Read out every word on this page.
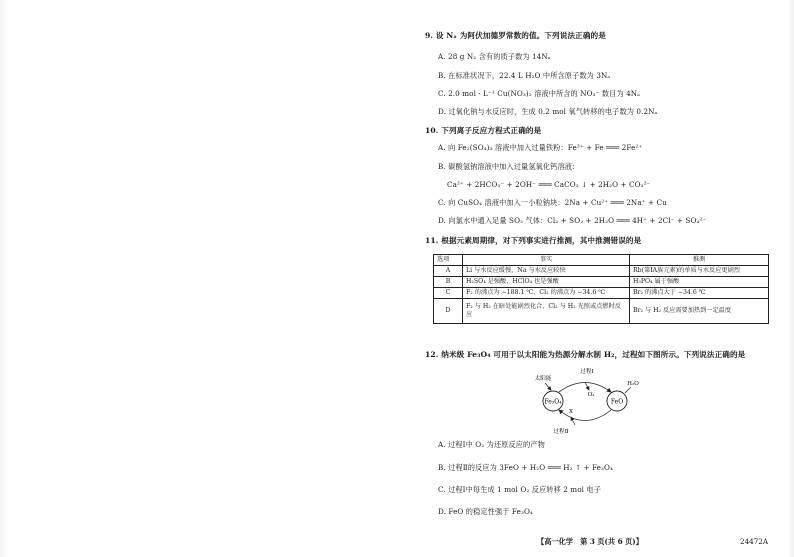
9. 设 Nₐ 为阿伏加德罗常数的值。下列说法正确的是
A. 28 g N₂ 含有的质子数为 14Nₐ
B. 在标准状况下，22.4 L H₂O 中所含原子数为 3Nₐ
C. 2.0 mol · L⁻¹ Cu(NO₃)₂ 溶液中所含的 NO₃⁻ 数目为 4Nₐ
D. 过氧化钠与水反应时，生成 0.2 mol 氧气转移的电子数为 0.2Nₐ
10. 下列离子反应方程式正确的是
A. 向 Fe₂(SO₄)₃ 溶液中加入过量铁粉：Fe³⁺ + Fe ═══ 2Fe²⁺
B. 碳酸氢钠溶液中加入过量氢氧化钙溶液：
Ca²⁺ + 2HCO₃⁻ + 2OH⁻ ═══ CaCO₃ ↓ + 2H₂O + CO₃²⁻
C. 向 CuSO₄ 溶液中加入一小粒钠块：2Na + Cu²⁺ ═══ 2Na⁺ + Cu
D. 向氯水中通入足量 SO₂ 气体：Cl₂ + SO₂ + 2H₂O ═══ 4H⁺ + 2Cl⁻ + SO₄²⁻
11. 根据元素周期律，对下列事实进行推测，其中推测错误的是
选项	事实	推测
A	Li 与水反应缓慢，Na 与水反应较快	Rb(第ⅠA族元素)的单质与水反应更剧烈
B	H₂SO₄ 是强酸，HClO₄ 也是强酸	H₃PO₄ 属于强酸
C	F₂ 的沸点为 −188.1 ℃，Cl₂ 的沸点为 −34.6 ℃	Br₂ 的沸点大于 −34.6 ℃
D	F₂ 与 H₂ 在暗处能剧烈化合，Cl₂ 与 H₂ 光照或点燃时反应	Br₂ 与 H₂ 反应需要加热到一定温度
12. 纳米级 Fe₃O₄ 可用于以太阳能为热源分解水制 H₂，过程如下图所示。下列说法正确的是
Fe₃O₄	FeO
过程Ⅰ
过程Ⅱ
太阳能
O₂
H₂O
X
A. 过程Ⅰ中 O₂ 为还原反应的产物
B. 过程Ⅱ的反应为 3FeO + H₂O ═══ H₂ ↑ + Fe₃O₄
C. 过程Ⅰ中每生成 1 mol O₂ 反应转移 2 mol 电子
D. FeO 的稳定性强于 Fe₃O₄
【高一化学　第 3 页(共 6 页)】	24472A
